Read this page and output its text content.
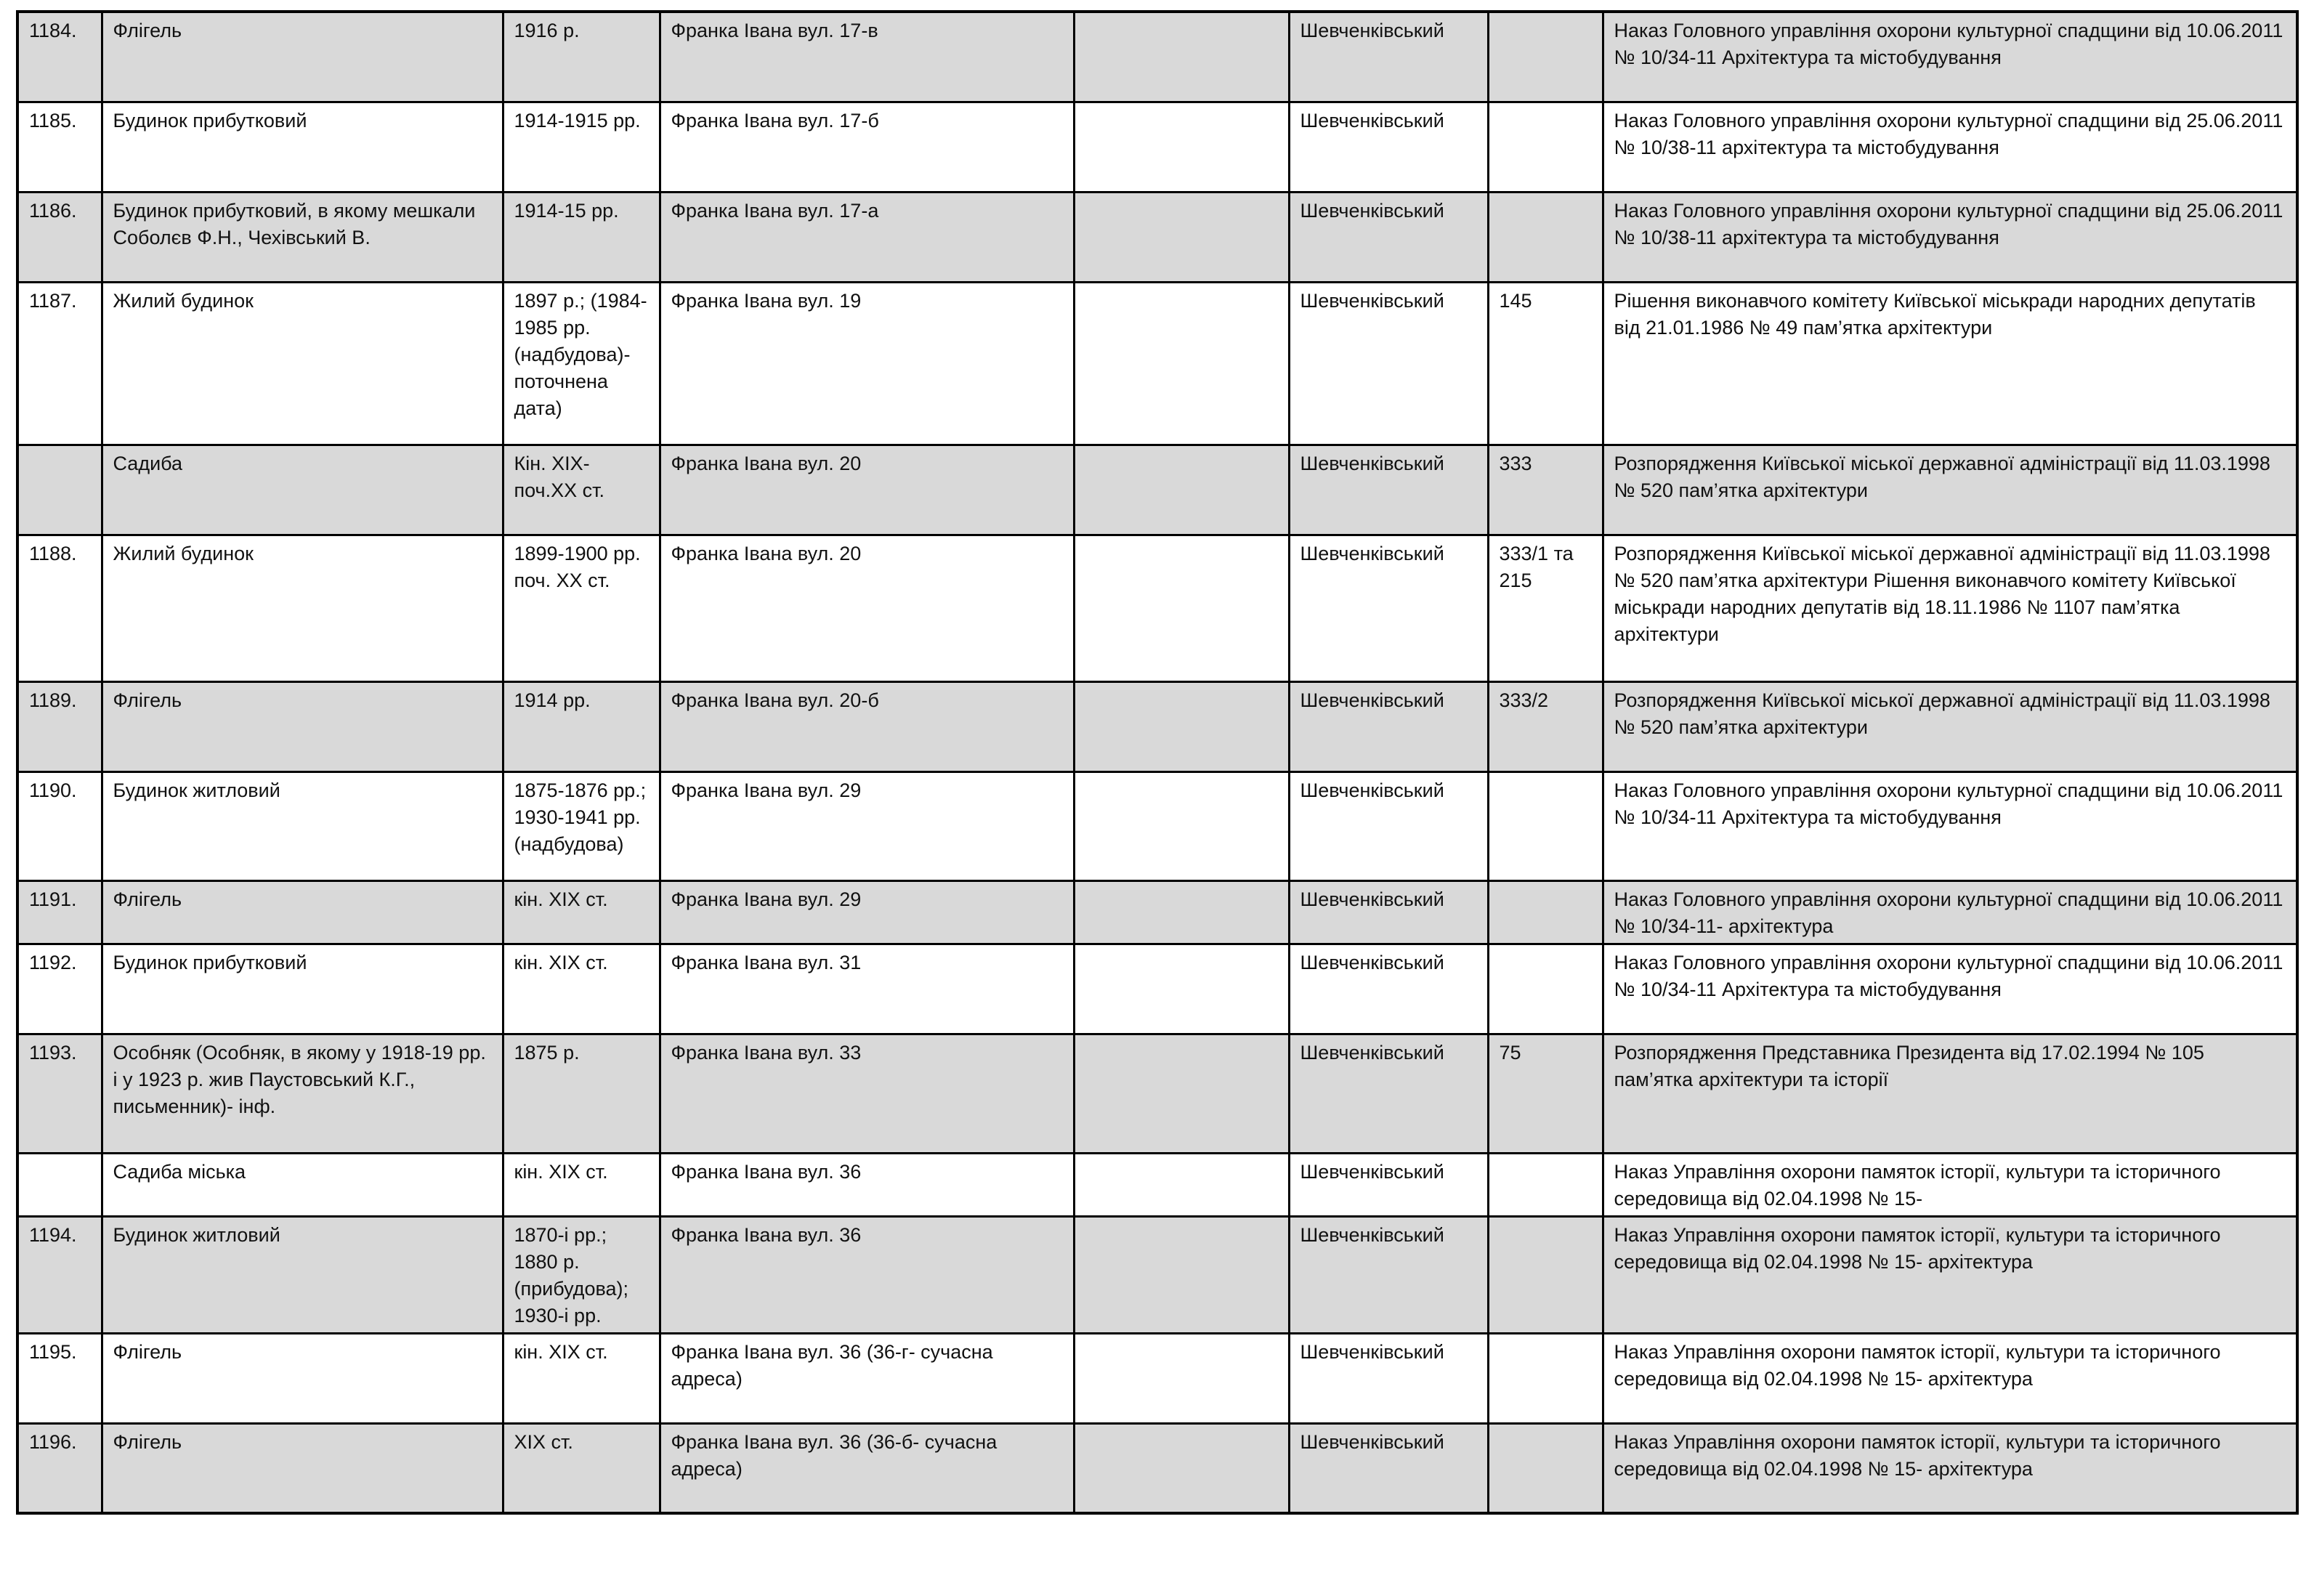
1184.	Флігель	1916 р.	Франка Івана вул. 17-в		Шевченківський		Наказ Головного управління охорони культурної спадщини від 10.06.2011 № 10/34-11 Архітектура та містобудування
1185.	Будинок прибутковий	1914-1915 рр.	Франка Івана вул. 17-б		Шевченківський		Наказ Головного управління охорони культурної спадщини від 25.06.2011 № 10/38-11 архітектура та містобудування
1186.	Будинок прибутковий, в якому мешкали Соболєв Ф.Н., Чехівський В.	1914-15 рр.	Франка Івана вул. 17-а		Шевченківський		Наказ Головного управління охорони культурної спадщини від 25.06.2011 № 10/38-11 архітектура та містобудування
1187.	Жилий будинок	1897 р.; (1984-1985 рр. (надбудова)- поточнена дата)	Франка Івана вул. 19		Шевченківський	145	Рішення виконавчого комітету Київської міськради народних депутатів від 21.01.1986 № 49 пам’ятка архітектури
	Садиба	Кін. ХІХ- поч.ХХ ст.	Франка Івана вул. 20		Шевченківський	333	Розпорядження Київської міської державної адміністрації від 11.03.1998 № 520 пам’ятка архітектури
1188.	Жилий будинок	1899-1900 рр. поч. ХХ ст.	Франка Івана вул. 20		Шевченківський	333/1 та 215	Розпорядження Київської міської державної адміністрації від 11.03.1998 № 520 пам’ятка архітектури Рішення виконавчого комітету Київської міськради народних депутатів від 18.11.1986 № 1107 пам’ятка архітектури
1189.	Флігель	1914 рр.	Франка Івана вул. 20-б		Шевченківський	333/2	Розпорядження Київської міської державної адміністрації від 11.03.1998 № 520 пам’ятка архітектури
1190.	Будинок житловий	1875-1876 рр.; 1930-1941 рр. (надбудова)	Франка Івана вул. 29		Шевченківський		Наказ Головного управління охорони культурної спадщини від 10.06.2011 № 10/34-11 Архітектура та містобудування
1191.	Флігель	кін. ХІХ ст.	Франка Івана вул. 29		Шевченківський		Наказ Головного управління охорони культурної спадщини від 10.06.2011 № 10/34-11- архітектура
1192.	Будинок прибутковий	кін. ХІХ ст.	Франка Івана вул. 31		Шевченківський		Наказ Головного управління охорони культурної спадщини від 10.06.2011 № 10/34-11 Архітектура та містобудування
1193.	Особняк (Особняк, в якому у 1918-19 рр. і у 1923 р. жив Паустовський К.Г., письменник)- інф.	1875 р.	Франка Івана вул. 33		Шевченківський	75	Розпорядження Представника Президента від 17.02.1994 № 105 пам’ятка архітектури та історії
	Садиба міська	кін. ХІХ ст.	Франка Івана вул. 36		Шевченківський		Наказ Управління охорони памяток історії, культури та історичного середовища від 02.04.1998 № 15-
1194.	Будинок житловий	1870-і рр.; 1880 р. (прибудова); 1930-і рр.	Франка Івана вул. 36		Шевченківський		Наказ Управління охорони памяток історії, культури та історичного середовища від 02.04.1998 № 15- архітектура
1195.	Флігель	кін. ХІХ ст.	Франка Івана вул. 36 (36-г- сучасна адреса)		Шевченківський		Наказ Управління охорони памяток історії, культури та історичного середовища від 02.04.1998 № 15- архітектура
1196.	Флігель	ХІХ ст.	Франка Івана вул. 36 (36-б- сучасна адреса)		Шевченківський		Наказ Управління охорони памяток історії, культури та історичного середовища від 02.04.1998 № 15- архітектура
